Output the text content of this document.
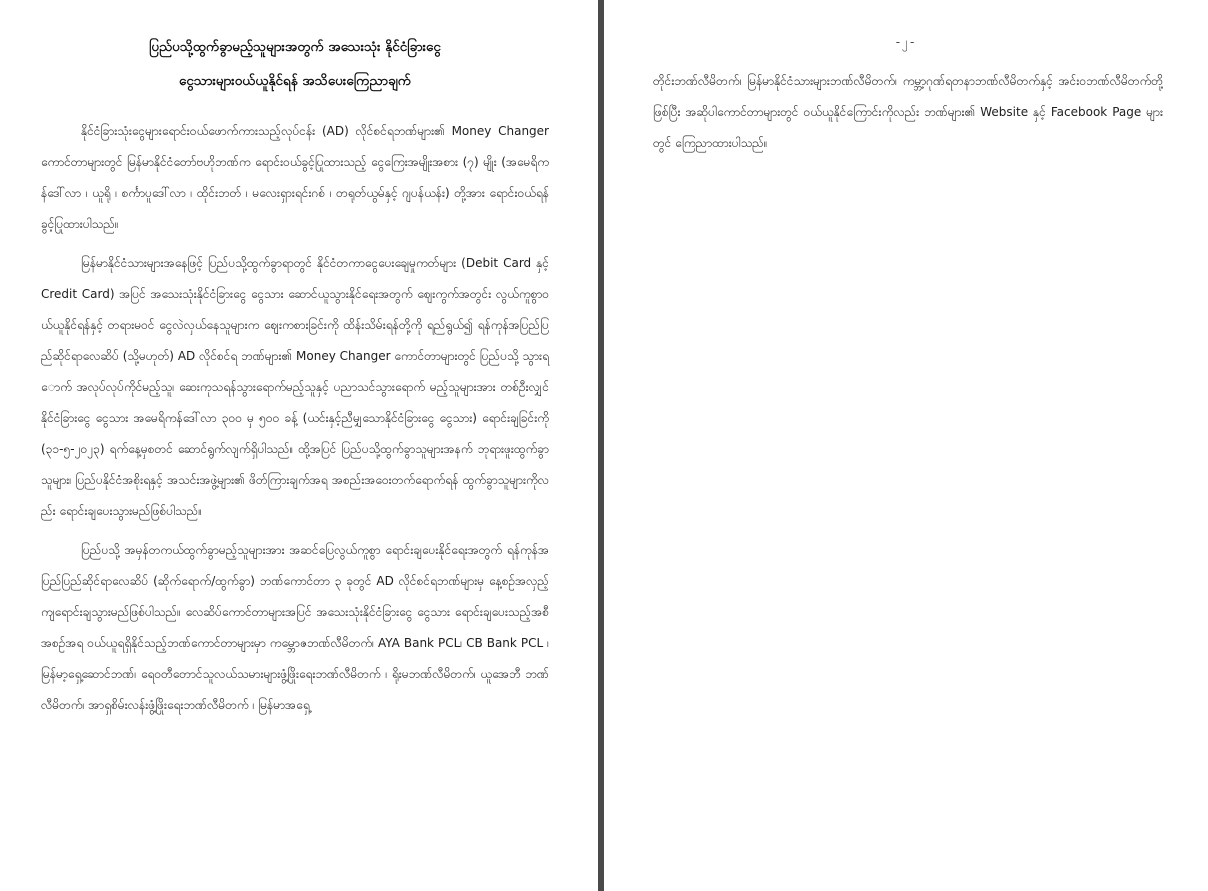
ပြည်ပသို့ထွက်ခွာမည့်သူများအတွက် အသေးသုံး နိုင်ငံခြားငွေ
ငွေသားများဝယ်ယူနိုင်ရန် အသိပေးကြေညာချက်

နိုင်ငံခြားသုံးငွေများရောင်းဝယ်ဖောက်ကားသည့်လုပ်ငန်း (AD) လိုင်စင်ရဘဏ်များ၏ Money Changer ကောင်တာများတွင် မြန်မာနိုင်ငံတော်ဗဟိုဘဏ်က ရောင်းဝယ်ခွင့်ပြုထားသည့် ငွေကြေးအမျိုးအစား (၇) မျိုး (အမေရိကန်ဒေါ်လာ ၊ ယူရို ၊ စင်္ကာပူဒေါ်လာ ၊ ထိုင်းဘတ် ၊ မလေးရှားရင်းဂစ် ၊ တရုတ်ယွမ်နှင့် ဂျပန်ယန်း) တို့အား ရောင်းဝယ်ရန် ခွင့်ပြုထားပါသည်။

မြန်မာနိုင်ငံသားများအနေဖြင့် ပြည်ပသို့ထွက်ခွာရာတွင် နိုင်ငံတကာငွေပေးချေမှုကတ်များ (Debit Card နှင့် Credit Card) အပြင် အသေးသုံးနိုင်ငံခြားငွေ ငွေသား ဆောင်ယူသွားနိုင်ရေးအတွက် ဈေးကွက်အတွင်း လွယ်ကူစွာဝယ်ယူနိုင်ရန်နှင့် တရားမဝင် ငွေလဲလှယ်နေသူများက ဈေးကစားခြင်းကို ထိန်းသိမ်းရန်တို့ကို ရည်ရွယ်၍ ရန်ကုန်အပြည်ပြည်ဆိုင်ရာလေဆိပ် (သို့မဟုတ်) AD လိုင်စင်ရ ဘဏ်များ၏ Money Changer ကောင်တာများတွင် ပြည်ပသို့ သွားရောက် အလုပ်လုပ်ကိုင်မည့်သူ၊ ဆေးကုသရန်သွားရောက်မည့်သူနှင့် ပညာသင်သွားရောက် မည့်သူများအား တစ်ဦးလျှင် နိုင်ငံခြားငွေ ငွေသား အမေရိကန်ဒေါ်လာ ၃၀၀ မှ ၅၀၀ ခန့် (ယင်းနှင့်ညီမျှသောနိုင်ငံခြားငွေ ငွေသား) ရောင်းချခြင်းကို (၃၁-၅-၂၀၂၃) ရက်နေ့မှစတင် ဆောင်ရွက်လျက်ရှိပါသည်။ ထို့အပြင် ပြည်ပသို့ထွက်ခွာသူများအနက် ဘုရားဖူးထွက်ခွာသူများ၊ ပြည်ပနိုင်ငံအစိုးရနှင့် အသင်းအဖွဲ့များ၏ ဖိတ်ကြားချက်အရ အစည်းအဝေးတက်ရောက်ရန် ထွက်ခွာသူများကိုလည်း ရောင်းချပေးသွားမည်ဖြစ်ပါသည်။

ပြည်ပသို့ အမှန်တကယ်ထွက်ခွာမည့်သူများအား အဆင်ပြေလွယ်ကူစွာ ရောင်းချပေးနိုင်ရေးအတွက် ရန်ကုန်အပြည်ပြည်ဆိုင်ရာလေဆိပ် (ဆိုက်ရောက်/ထွက်ခွာ) ဘဏ်ကောင်တာ ၃ ခုတွင် AD လိုင်စင်ရဘဏ်များမှ နေ့စဉ်အလှည့်ကျရောင်းချသွားမည်ဖြစ်ပါသည်။ လေဆိပ်ကောင်တာများအပြင် အသေးသုံးနိုင်ငံခြားငွေ ငွေသား ရောင်းချပေးသည့်အစီအစဉ်အရ ဝယ်ယူရရှိနိုင်သည့်ဘဏ်ကောင်တာများမှာ ကမ္ဘောဇဘဏ်လီမိတက်၊ AYA Bank PCL၊ CB Bank PCL ၊ မြန်မာ့ရှေ့ဆောင်ဘဏ်၊ ရေဝတီတောင်သူလယ်သမားများဖွံ့ဖြိုးရေးဘဏ်လီမိတက် ၊ ရိုးမဘဏ်လီမိတက်၊ ယူအေဘီ ဘဏ်လီမိတက်၊ အာရှစိမ်းလန်းဖွံ့ဖြိုးရေးဘဏ်လီမိတက် ၊ မြန်မာအရှေ့

-၂-

တိုင်းဘဏ်လီမိတက်၊ မြန်မာနိုင်ငံသားများဘဏ်လီမိတက်၊ ကမ္ဘာ့ဂုဏ်ရတနာဘဏ်လီမိတက်နှင့် အင်းဝဘဏ်လီမိတက်တို့ဖြစ်ပြီး အဆိုပါကောင်တာများတွင် ဝယ်ယူနိုင်ကြောင်းကိုလည်း ဘဏ်များ၏ Website နှင့် Facebook Page များတွင် ကြေညာထားပါသည်။
